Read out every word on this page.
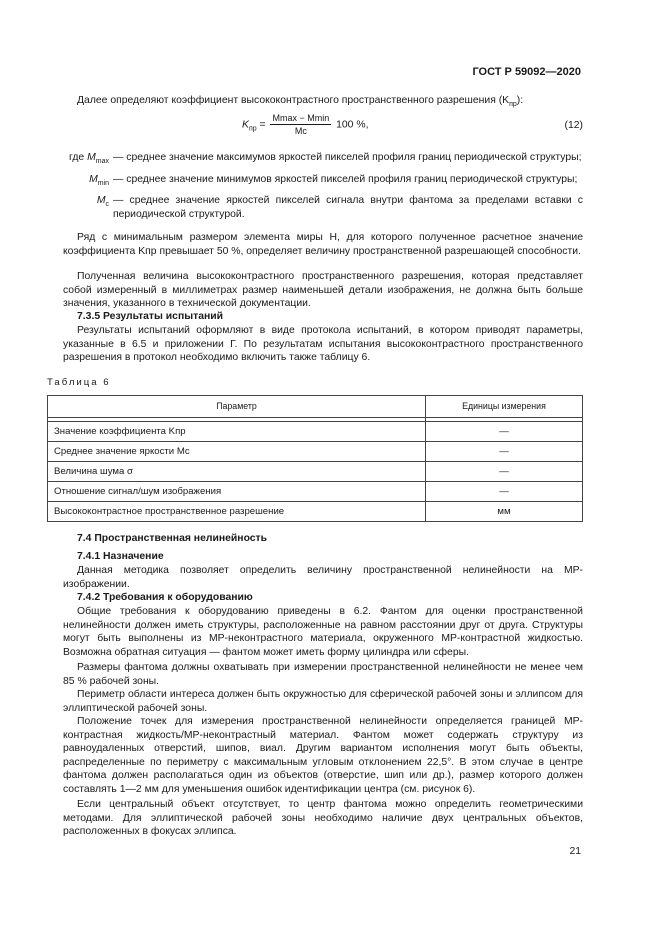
ГОСТ Р 59092—2020
Далее определяют коэффициент высококонтрастного пространственного разрешения $(K_{пр})$:
$K_{пр} = \frac{Mmax - Mmin}{Mc} 100$ %,	(12)
где $M_{max}$ — среднее значение максимумов яркостей пикселей профиля границ периодической структуры;
$M_{min}$ — среднее значение минимумов яркостей пикселей профиля границ периодической структуры;
$M_c$ — среднее значение яркостей пикселей сигнала внутри фантома за пределами вставки с периодической структурой.
Ряд с минимальным размером элемента миры H, для которого полученное расчетное значение коэффициента Kпр превышает 50 %, определяет величину пространственной разрешающей способности.
Полученная величина высококонтрастного пространственного разрешения, которая представляет собой измеренный в миллиметрах размер наименьшей детали изображения, не должна быть больше значения, указанного в технической документации.
7.3.5 Результаты испытаний
Результаты испытаний оформляют в виде протокола испытаний, в котором приводят параметры, указанные в 6.5 и приложении Г. По результатам испытания высококонтрастного пространственного разрешения в протокол необходимо включить также таблицу 6.
Таблица 6
Параметр	Единицы измерения

Значение коэффициента Kпр	—
Среднее значение яркости Mс	—
Величина шума σ	—
Отношение сигнал/шум изображения	—
Высококонтрастное пространственное разрешение	мм
7.4 Пространственная нелинейность
7.4.1 Назначение
Данная методика позволяет определить величину пространственной нелинейности на МР-изображении.
7.4.2 Требования к оборудованию
Общие требования к оборудованию приведены в 6.2. Фантом для оценки пространственной нелинейности должен иметь структуры, расположенные на равном расстоянии друг от друга. Структуры могут быть выполнены из МР-неконтрастного материала, окруженного МР-контрастной жидкостью. Возможна обратная ситуация — фантом может иметь форму цилиндра или сферы.
Размеры фантома должны охватывать при измерении пространственной нелинейности не менее чем 85 % рабочей зоны.
Периметр области интереса должен быть окружностью для сферической рабочей зоны и эллипсом для эллиптической рабочей зоны.
Положение точек для измерения пространственной нелинейности определяется границей МР-контрастная жидкость/МР-неконтрастный материал. Фантом может содержать структуру из равноудаленных отверстий, шипов, виал. Другим вариантом исполнения могут быть объекты, распределенные по периметру с максимальным угловым отклонением 22,5°. В этом случае в центре фантома должен располагаться один из объектов (отверстие, шип или др.), размер которого должен составлять 1—2 мм для уменьшения ошибок идентификации центра (см. рисунок 6).
Если центральный объект отсутствует, то центр фантома можно определить геометрическими методами. Для эллиптической рабочей зоны необходимо наличие двух центральных объектов, расположенных в фокусах эллипса.
21
